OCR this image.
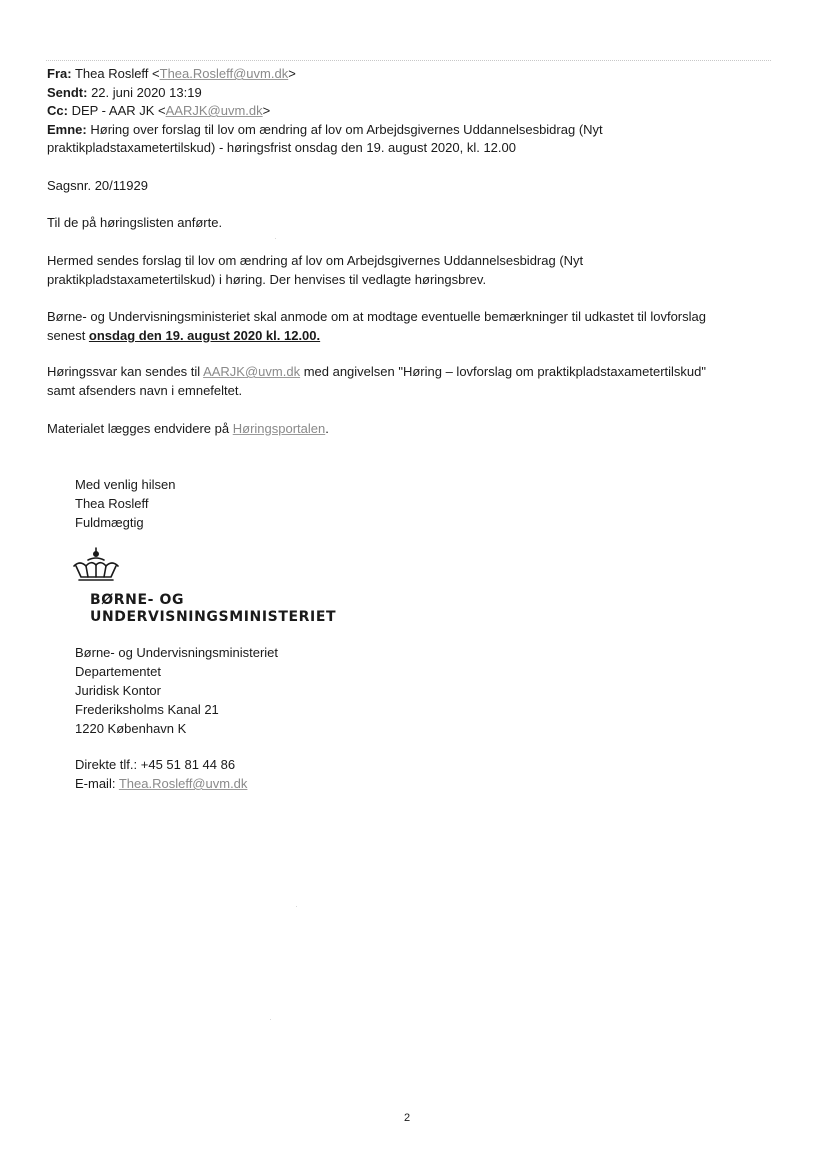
Fra: Thea Rosleff <Thea.Rosleff@uvm.dk>
Sendt: 22. juni 2020 13:19
Cc: DEP - AAR JK <AARJK@uvm.dk>
Emne: Høring over forslag til lov om ændring af lov om Arbejdsgivernes Uddannelsesbidrag (Nyt
praktikpladstaxametertilskud) - høringsfrist onsdag den 19. august 2020, kl. 12.00
Sagsnr. 20/11929
Til de på høringslisten anførte.
Hermed sendes forslag til lov om ændring af lov om Arbejdsgivernes Uddannelsesbidrag (Nyt
praktikpladstaxametertilskud) i høring. Der henvises til vedlagte høringsbrev.
Børne- og Undervisningsministeriet skal anmode om at modtage eventuelle bemærkninger til udkastet til lovforslag
senest onsdag den 19. august 2020 kl. 12.00.
Høringssvar kan sendes til AARJK@uvm.dk med angivelsen "Høring – lovforslag om praktikpladstaxametertilskud"
samt afsenders navn i emnefeltet.
Materialet lægges endvidere på Høringsportalen.
Med venlig hilsen
Thea Rosleff
Fuldmægtig
BØRNE- OG
UNDERVISNINGSMINISTERIET
Børne- og Undervisningsministeriet
Departementet
Juridisk Kontor
Frederiksholms Kanal 21
1220 København K
Direkte tlf.: +45 51 81 44 86
E-mail: Thea.Rosleff@uvm.dk
2
